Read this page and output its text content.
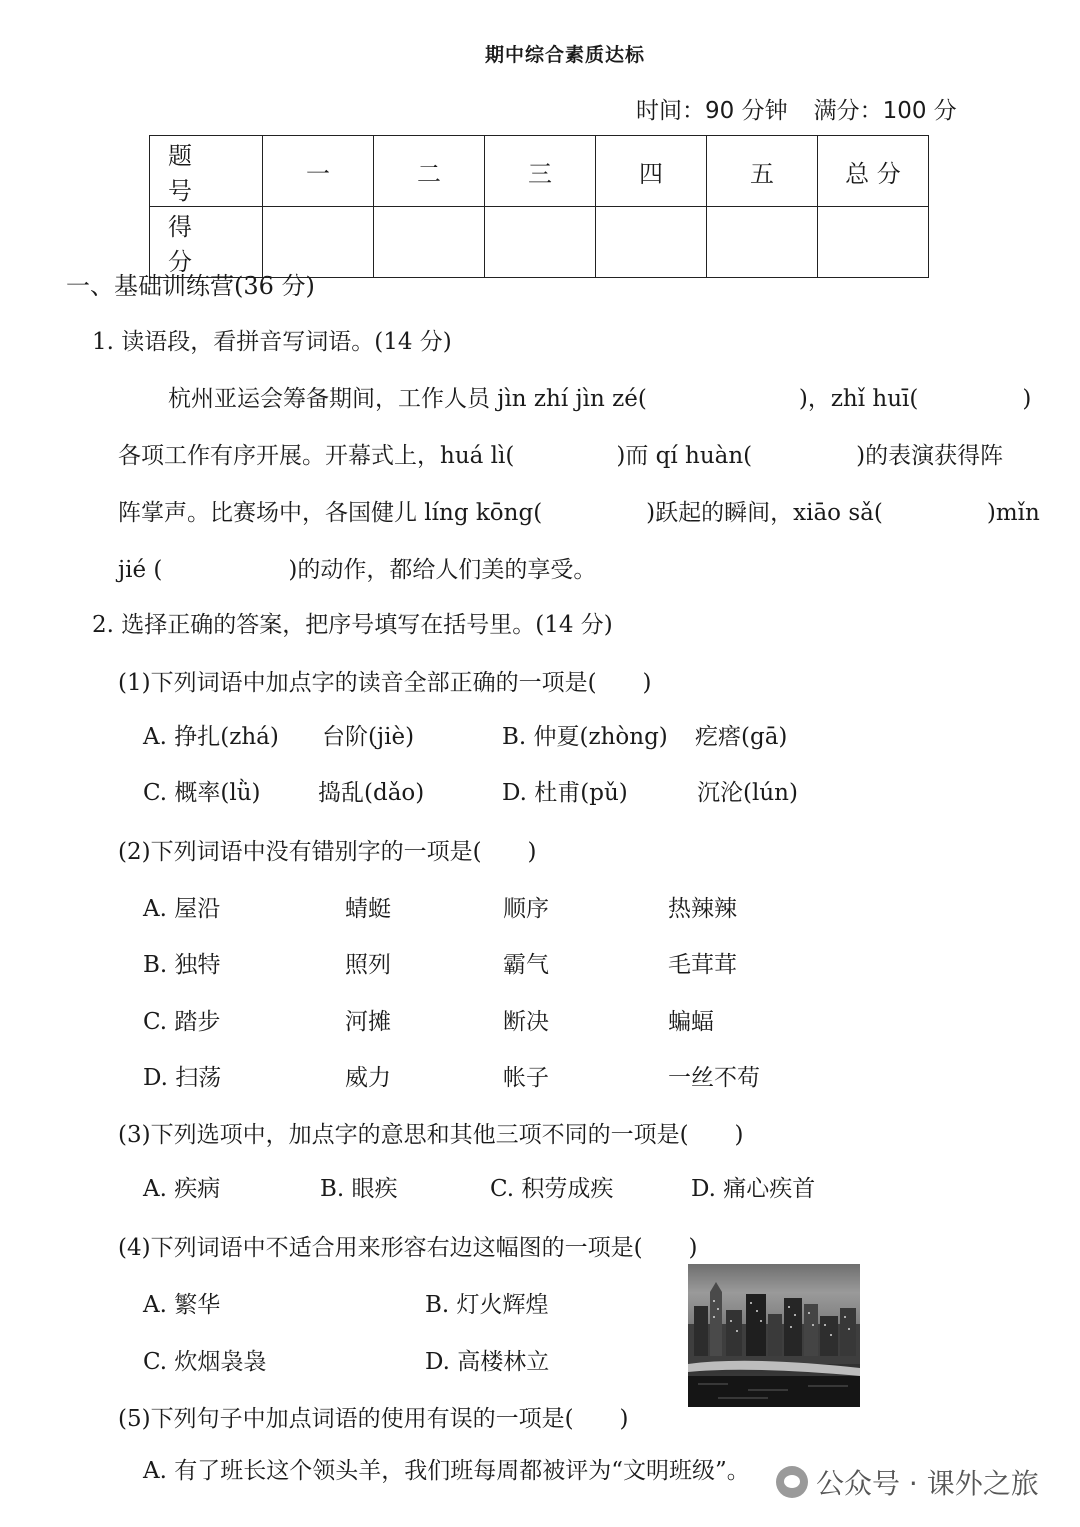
期中综合素质达标
时间：90 分钟 满分：100 分
题 号	一	二	三	四	五	总 分
得 分						
一、基础训练营(36 分)
1. 读语段，看拼音写词语。(14 分)
杭州亚运会筹备期间，工作人员 jìn zhí jìn zé(	)，zhǐ huī(	)
各项工作有序开展。开幕式上，huá lì(	)而 qí huàn(	)的表演获得阵
阵掌声。比赛场中，各国健儿 líng kōng(	)跃起的瞬间，xiāo sǎ(	)mǐn
jié (	)的动作，都给人们美的享受。
2. 选择正确的答案，把序号填写在括号里。(14 分)
(1)下列词语中加点字的读音全部正确的一项是(　　)
A. 挣扎(zhá) 台阶(jiè)	B. 仲夏(zhòng) 疙瘩(gā)
C. 概率(lǜ) 捣乱(dǎo)	D. 杜甫(pǔ)	沉沦(lún)
(2)下列词语中没有错别字的一项是(　　)
A. 屋沿	蜻蜓	顺序	热辣辣
B. 独特	照列	霸气	毛茸茸
C. 踏步	河摊	断决	蝙蝠
D. 扫荡	威力	帐子	一丝不苟
(3)下列选项中，加点字的意思和其他三项不同的一项是(　　)
A. 疾病	B. 眼疾	C. 积劳成疾	D. 痛心疾首
(4)下列词语中不适合用来形容右边这幅图的一项是(　　)
A. 繁华	B. 灯火辉煌
C. 炊烟袅袅	D. 高楼林立
(5)下列句子中加点词语的使用有误的一项是(　　)
A. 有了班长这个领头羊，我们班每周都被评为“文明班级”。 公众号 · 课外之旅
